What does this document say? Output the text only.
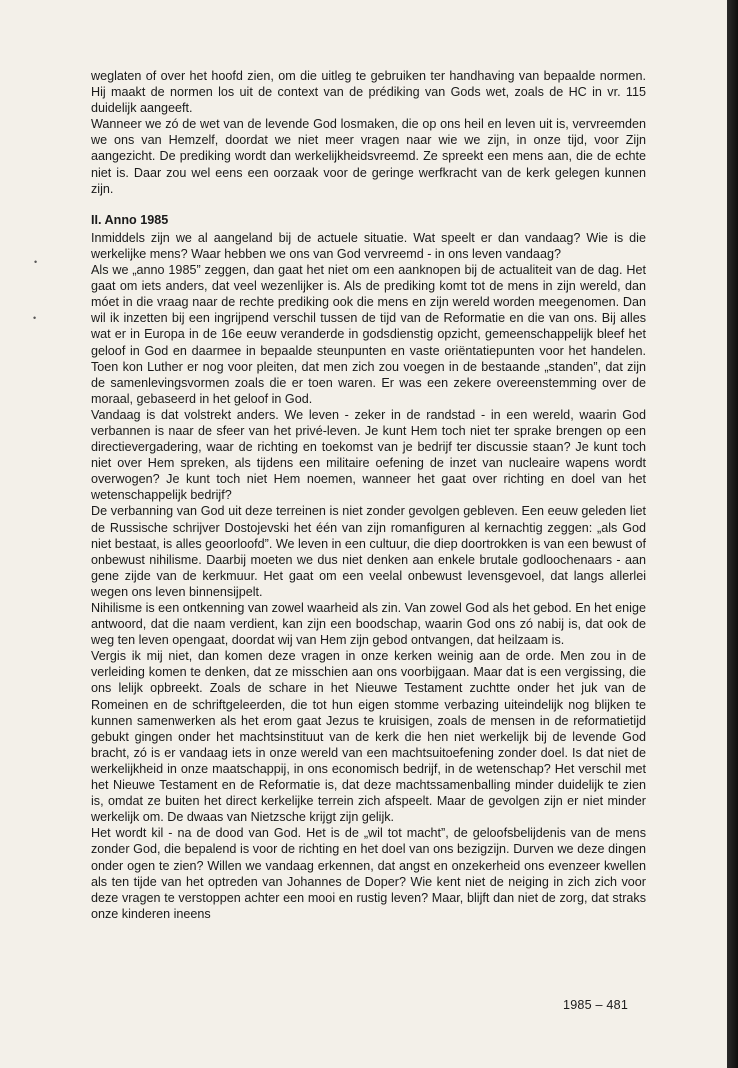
weglaten of over het hoofd zien, om die uitleg te gebruiken ter handhaving van bepaalde normen. Hij maakt de normen los uit de context van de prédiking van Gods wet, zoals de HC in vr. 115 duidelijk aangeeft.

Wanneer we zó de wet van de levende God losmaken, die op ons heil en leven uit is, vervreemden we ons van Hemzelf, doordat we niet meer vragen naar wie we zijn, in onze tijd, voor Zijn aangezicht. De prediking wordt dan werkelijkheidsvreemd. Ze spreekt een mens aan, die de echte niet is. Daar zou wel eens een oorzaak voor de geringe werfkracht van de kerk gelegen kunnen zijn.

II. Anno 1985

Inmiddels zijn we al aangeland bij de actuele situatie. Wat speelt er dan vandaag? Wie is die werkelijke mens? Waar hebben we ons van God vervreemd - in ons leven vandaag?

Als we „anno 1985” zeggen, dan gaat het niet om een aanknopen bij de actualiteit van de dag. Het gaat om iets anders, dat veel wezenlijker is. Als de prediking komt tot de mens in zijn wereld, dan móet in die vraag naar de rechte prediking ook die mens en zijn wereld worden meegenomen. Dan wil ik inzetten bij een ingrijpend verschil tussen de tijd van de Reformatie en die van ons. Bij alles wat er in Europa in de 16e eeuw veranderde in godsdienstig opzicht, gemeenschappelijk bleef het geloof in God en daarmee in bepaalde steunpunten en vaste oriëntatiepunten voor het handelen. Toen kon Luther er nog voor pleiten, dat men zich zou voegen in de bestaande „standen”, dat zijn de samenlevingsvormen zoals die er toen waren. Er was een zekere overeenstemming over de moraal, gebaseerd in het geloof in God.

Vandaag is dat volstrekt anders. We leven - zeker in de randstad - in een wereld, waarin God verbannen is naar de sfeer van het privé-leven. Je kunt Hem toch niet ter sprake brengen op een directievergadering, waar de richting en toekomst van je bedrijf ter discussie staan? Je kunt toch niet over Hem spreken, als tijdens een militaire oefening de inzet van nucleaire wapens wordt overwogen? Je kunt toch niet Hem noemen, wanneer het gaat over richting en doel van het wetenschappelijk bedrijf?

De verbanning van God uit deze terreinen is niet zonder gevolgen gebleven. Een eeuw geleden liet de Russische schrijver Dostojevski het één van zijn romanfiguren al kernachtig zeggen: „als God niet bestaat, is alles geoorloofd”. We leven in een cultuur, die diep doortrokken is van een bewust of onbewust nihilisme. Daarbij moeten we dus niet denken aan enkele brutale godloochenaars - aan gene zijde van de kerkmuur. Het gaat om een veelal onbewust levensgevoel, dat langs allerlei wegen ons leven binnensijpelt.

Nihilisme is een ontkenning van zowel waarheid als zin. Van zowel God als het gebod. En het enige antwoord, dat die naam verdient, kan zijn een boodschap, waarin God ons zó nabij is, dat ook de weg ten leven opengaat, doordat wij van Hem zijn gebod ontvangen, dat heilzaam is.

Vergis ik mij niet, dan komen deze vragen in onze kerken weinig aan de orde. Men zou in de verleiding komen te denken, dat ze misschien aan ons voorbijgaan. Maar dat is een vergissing, die ons lelijk opbreekt. Zoals de schare in het Nieuwe Testament zuchtte onder het juk van de Romeinen en de schriftgeleerden, die tot hun eigen stomme verbazing uiteindelijk nog blijken te kunnen samenwerken als het erom gaat Jezus te kruisigen, zoals de mensen in de reformatietijd gebukt gingen onder het machtsinstituut van de kerk die hen niet werkelijk bij de levende God bracht, zó is er vandaag iets in onze wereld van een machtsuitoefening zonder doel. Is dat niet de werkelijkheid in onze maatschappij, in ons economisch bedrijf, in de wetenschap? Het verschil met het Nieuwe Testament en de Reformatie is, dat deze machtssamenballing minder duidelijk te zien is, omdat ze buiten het direct kerkelijke terrein zich afspeelt. Maar de gevolgen zijn er niet minder werkelijk om. De dwaas van Nietzsche krijgt zijn gelijk.

Het wordt kil - na de dood van God. Het is de „wil tot macht”, de geloofsbelijdenis van de mens zonder God, die bepalend is voor de richting en het doel van ons bezigzijn. Durven we deze dingen onder ogen te zien? Willen we vandaag erkennen, dat angst en onzekerheid ons evenzeer kwellen als ten tijde van het optreden van Johannes de Doper? Wie kent niet de neiging in zich zich voor deze vragen te verstoppen achter een mooi en rustig leven? Maar, blijft dan niet de zorg, dat straks onze kinderen ineens

•
•
1985 – 481
